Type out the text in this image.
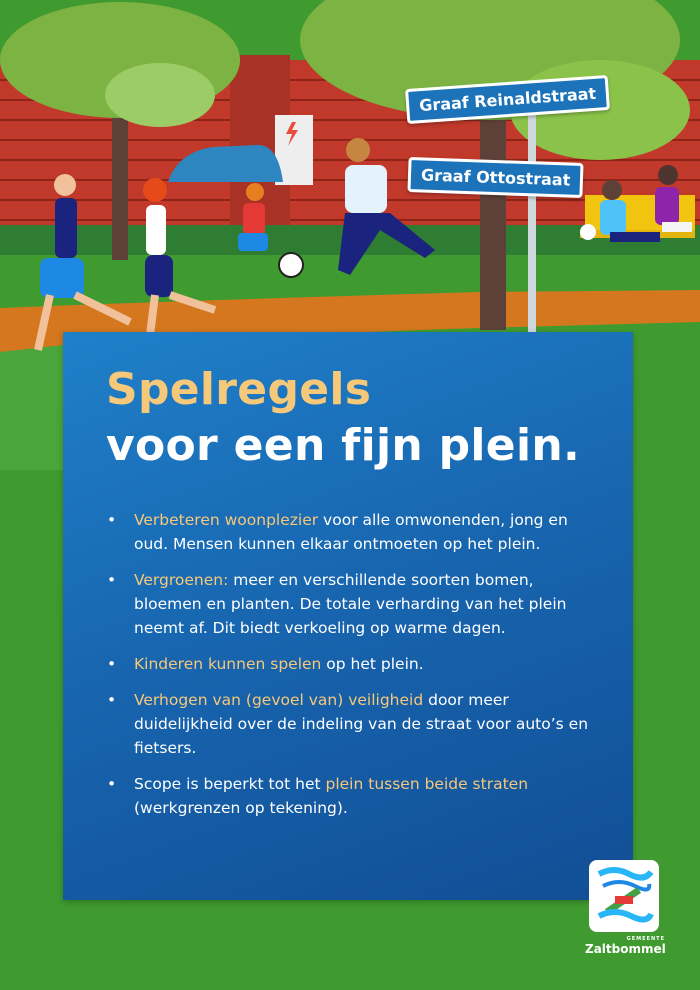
Graaf Reinaldstraat
Graaf Ottostraat
Spelregels
voor een fijn plein.
• Verbeteren woonplezier voor alle omwonenden, jong en oud. Mensen kunnen elkaar ontmoeten op het plein.
• Vergroenen: meer en verschillende soorten bomen, bloemen en planten. De totale verharding van het plein neemt af. Dit biedt verkoeling op warme dagen.
• Kinderen kunnen spelen op het plein.
• Verhogen van (gevoel van) veiligheid door meer duidelijkheid over de indeling van de straat voor auto’s en fietsers.
• Scope is beperkt tot het plein tussen beide straten (werkgrenzen op tekening).
GEMEENTE
Zaltbommel
